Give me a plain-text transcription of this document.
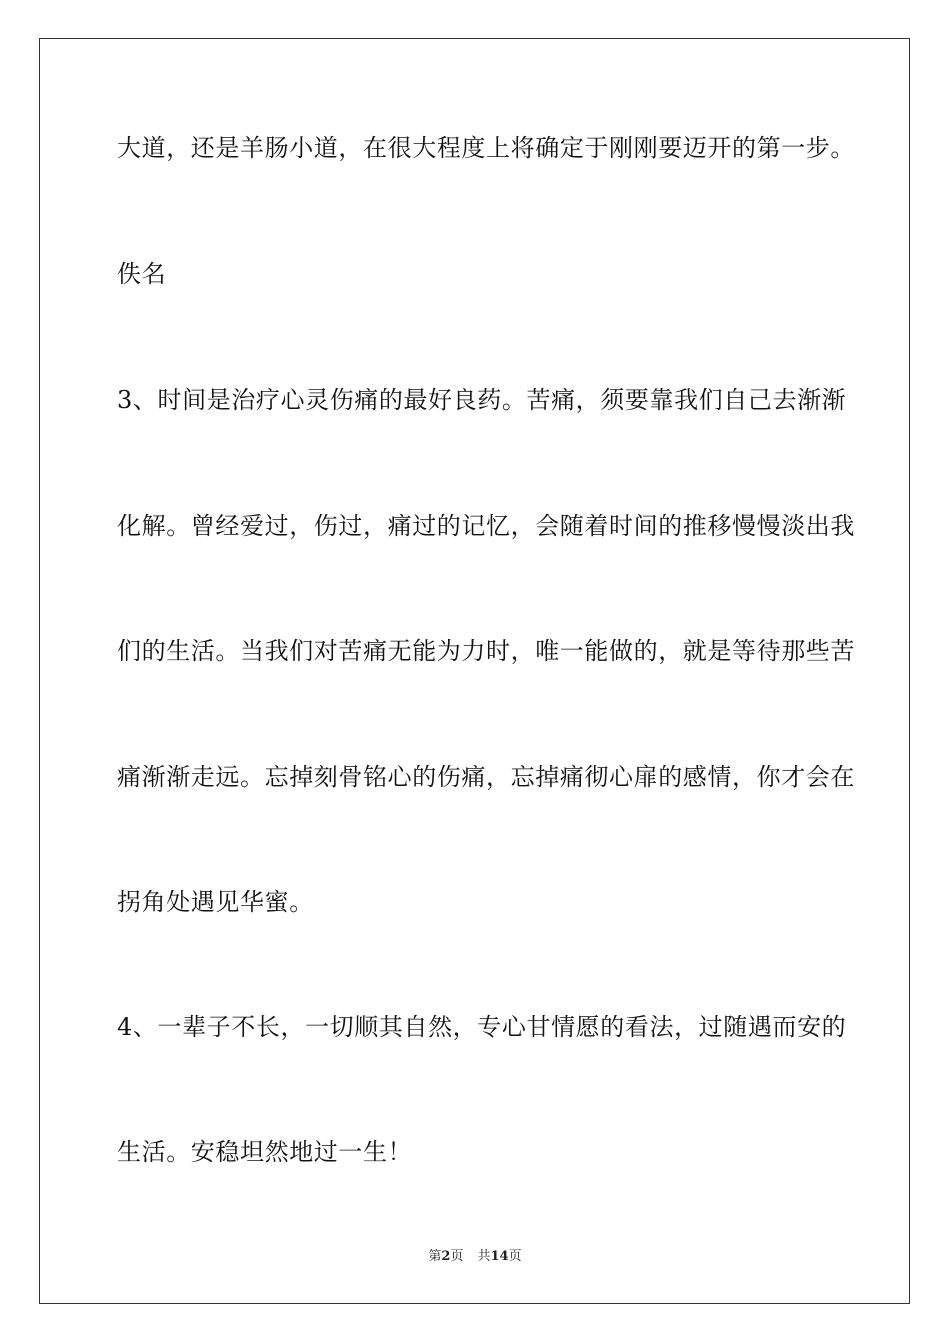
大道，还是羊肠小道，在很大程度上将确定于刚刚要迈开的第一步。
佚名
3、时间是治疗心灵伤痛的最好良药。苦痛，须要靠我们自己去渐渐
化解。曾经爱过，伤过，痛过的记忆，会随着时间的推移慢慢淡出我
们的生活。当我们对苦痛无能为力时，唯一能做的，就是等待那些苦
痛渐渐走远。忘掉刻骨铭心的伤痛，忘掉痛彻心扉的感情，你才会在
拐角处遇见华蜜。
4、一辈子不长，一切顺其自然，专心甘情愿的看法，过随遇而安的
生活。安稳坦然地过一生！
第2页 共14页
